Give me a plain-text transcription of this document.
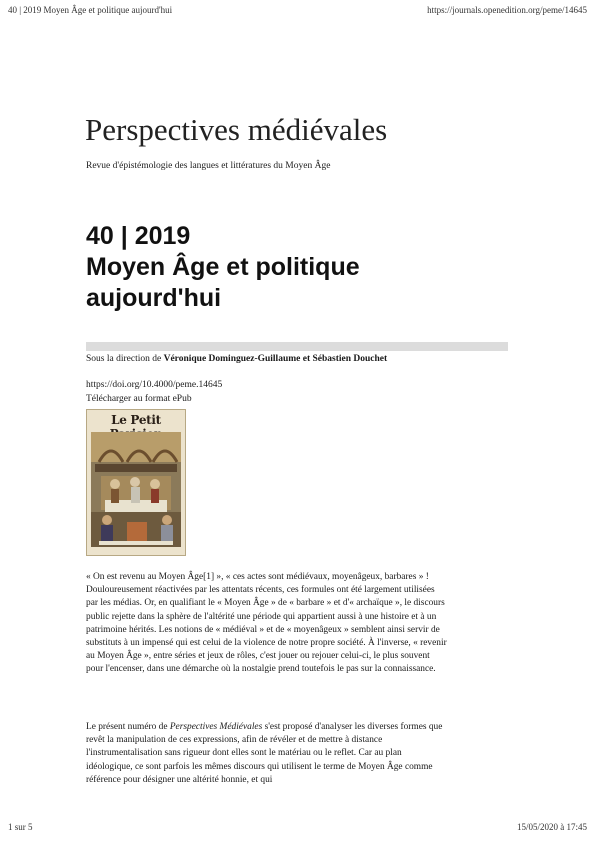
40 | 2019 Moyen Âge et politique aujourd'hui	https://journals.openedition.org/peme/14645
Perspectives médiévales
Revue d'épistémologie des langues et littératures du Moyen Âge
40 | 2019
Moyen Âge et politique aujourd'hui
Sous la direction de Véronique Dominguez-Guillaume et Sébastien Douchet
https://doi.org/10.4000/peme.14645
Télécharger au format ePub
Le Petit

« On est revenu au Moyen Âge[1] », « ces actes sont médiévaux, moyenâgeux, barbares » ! Douloureusement réactivées par les attentats récents, ces formules ont été largement utilisées par les médias. Or, en qualifiant le « Moyen Âge » de « barbare » et d'« archaïque », le discours public rejette dans la sphère de l'altérité une période qui appartient aussi à une histoire et à un patrimoine hérités. Les notions de « médiéval » et de « moyenâgeux » semblent ainsi servir de substituts à un impensé qui est celui de la violence de notre propre société. À l'inverse, « revenir au Moyen Âge », entre séries et jeux de rôles, c'est jouer ou rejouer celui-ci, le plus souvent pour l'encenser, dans une démarche où la nostalgie prend toutefois le pas sur la connaissance.

Le présent numéro de Perspectives Médiévales s'est proposé d'analyser les diverses formes que revêt la manipulation de ces expressions, afin de révéler et de mettre à distance l'instrumentalisation sans rigueur dont elles sont le matériau ou le reflet. Car au plan idéologique, ce sont parfois les mêmes discours qui utilisent le terme de Moyen Âge comme référence pour désigner une altérité honnie, et qui

1 sur 5	15/05/2020 à 17:45
